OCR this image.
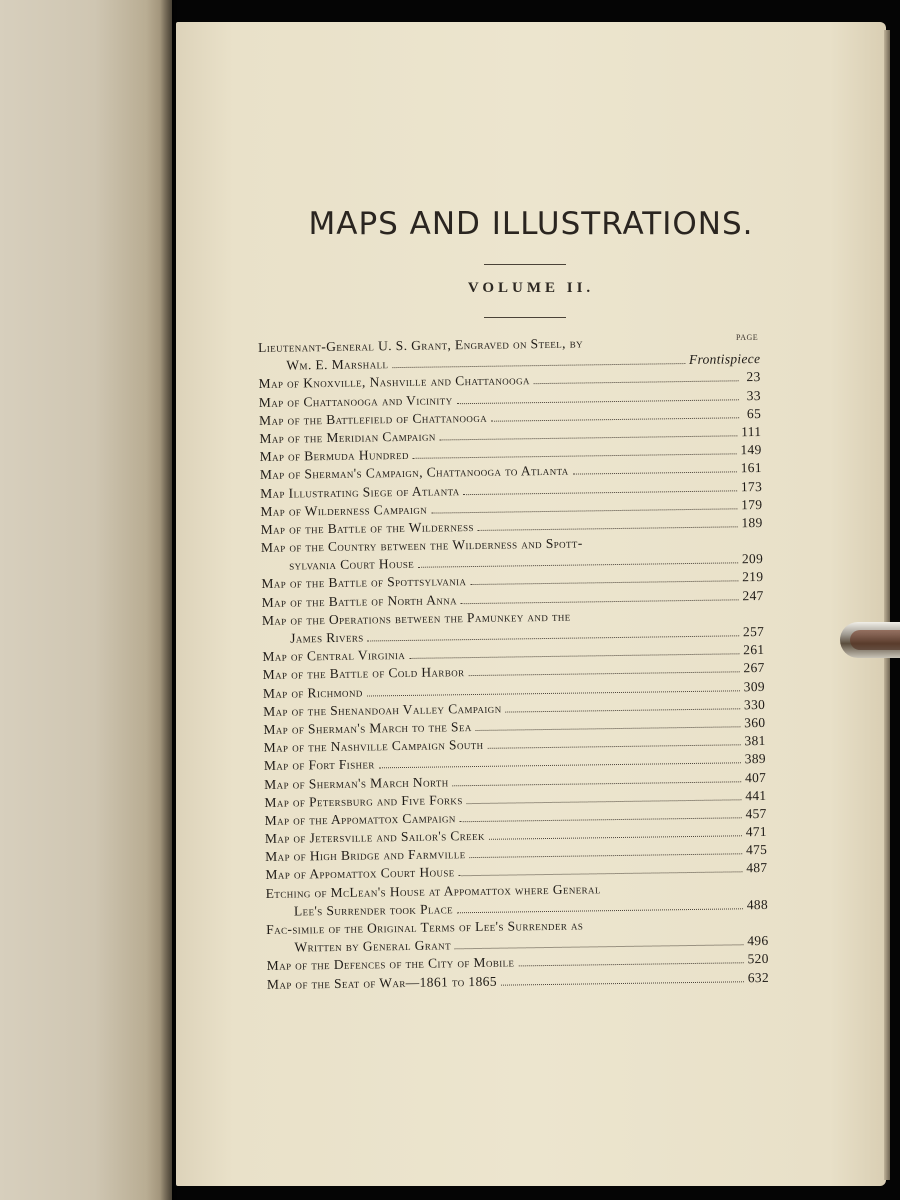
MAPS AND ILLUSTRATIONS.
VOLUME II.
PAGE
Lieutenant-General U. S. Grant, Engraved on Steel, by
Wm. E. Marshall	Frontispiece
Map of Knoxville, Nashville and Chattanooga	23
Map of Chattanooga and Vicinity	33
Map of the Battlefield of Chattanooga	65
Map of the Meridian Campaign	111
Map of Bermuda Hundred	149
Map of Sherman's Campaign, Chattanooga to Atlanta	161
Map Illustrating Siege of Atlanta	173
Map of Wilderness Campaign	179
Map of the Battle of the Wilderness	189
Map of the Country between the Wilderness and Spott-
sylvania Court House	209
Map of the Battle of Spottsylvania	219
Map of the Battle of North Anna	247
Map of the Operations between the Pamunkey and the
James Rivers	257
Map of Central Virginia	261
Map of the Battle of Cold Harbor	267
Map of Richmond	309
Map of the Shenandoah Valley Campaign	330
Map of Sherman's March to the Sea	360
Map of the Nashville Campaign South	381
Map of Fort Fisher	389
Map of Sherman's March North	407
Map of Petersburg and Five Forks	441
Map of the Appomattox Campaign	457
Map of Jetersville and Sailor's Creek	471
Map of High Bridge and Farmville	475
Map of Appomattox Court House	487
Etching of McLean's House at Appomattox where General
Lee's Surrender took Place	488
Fac-simile of the Original Terms of Lee's Surrender as
Written by General Grant	496
Map of the Defences of the City of Mobile	520
Map of the Seat of War—1861 to 1865	632
